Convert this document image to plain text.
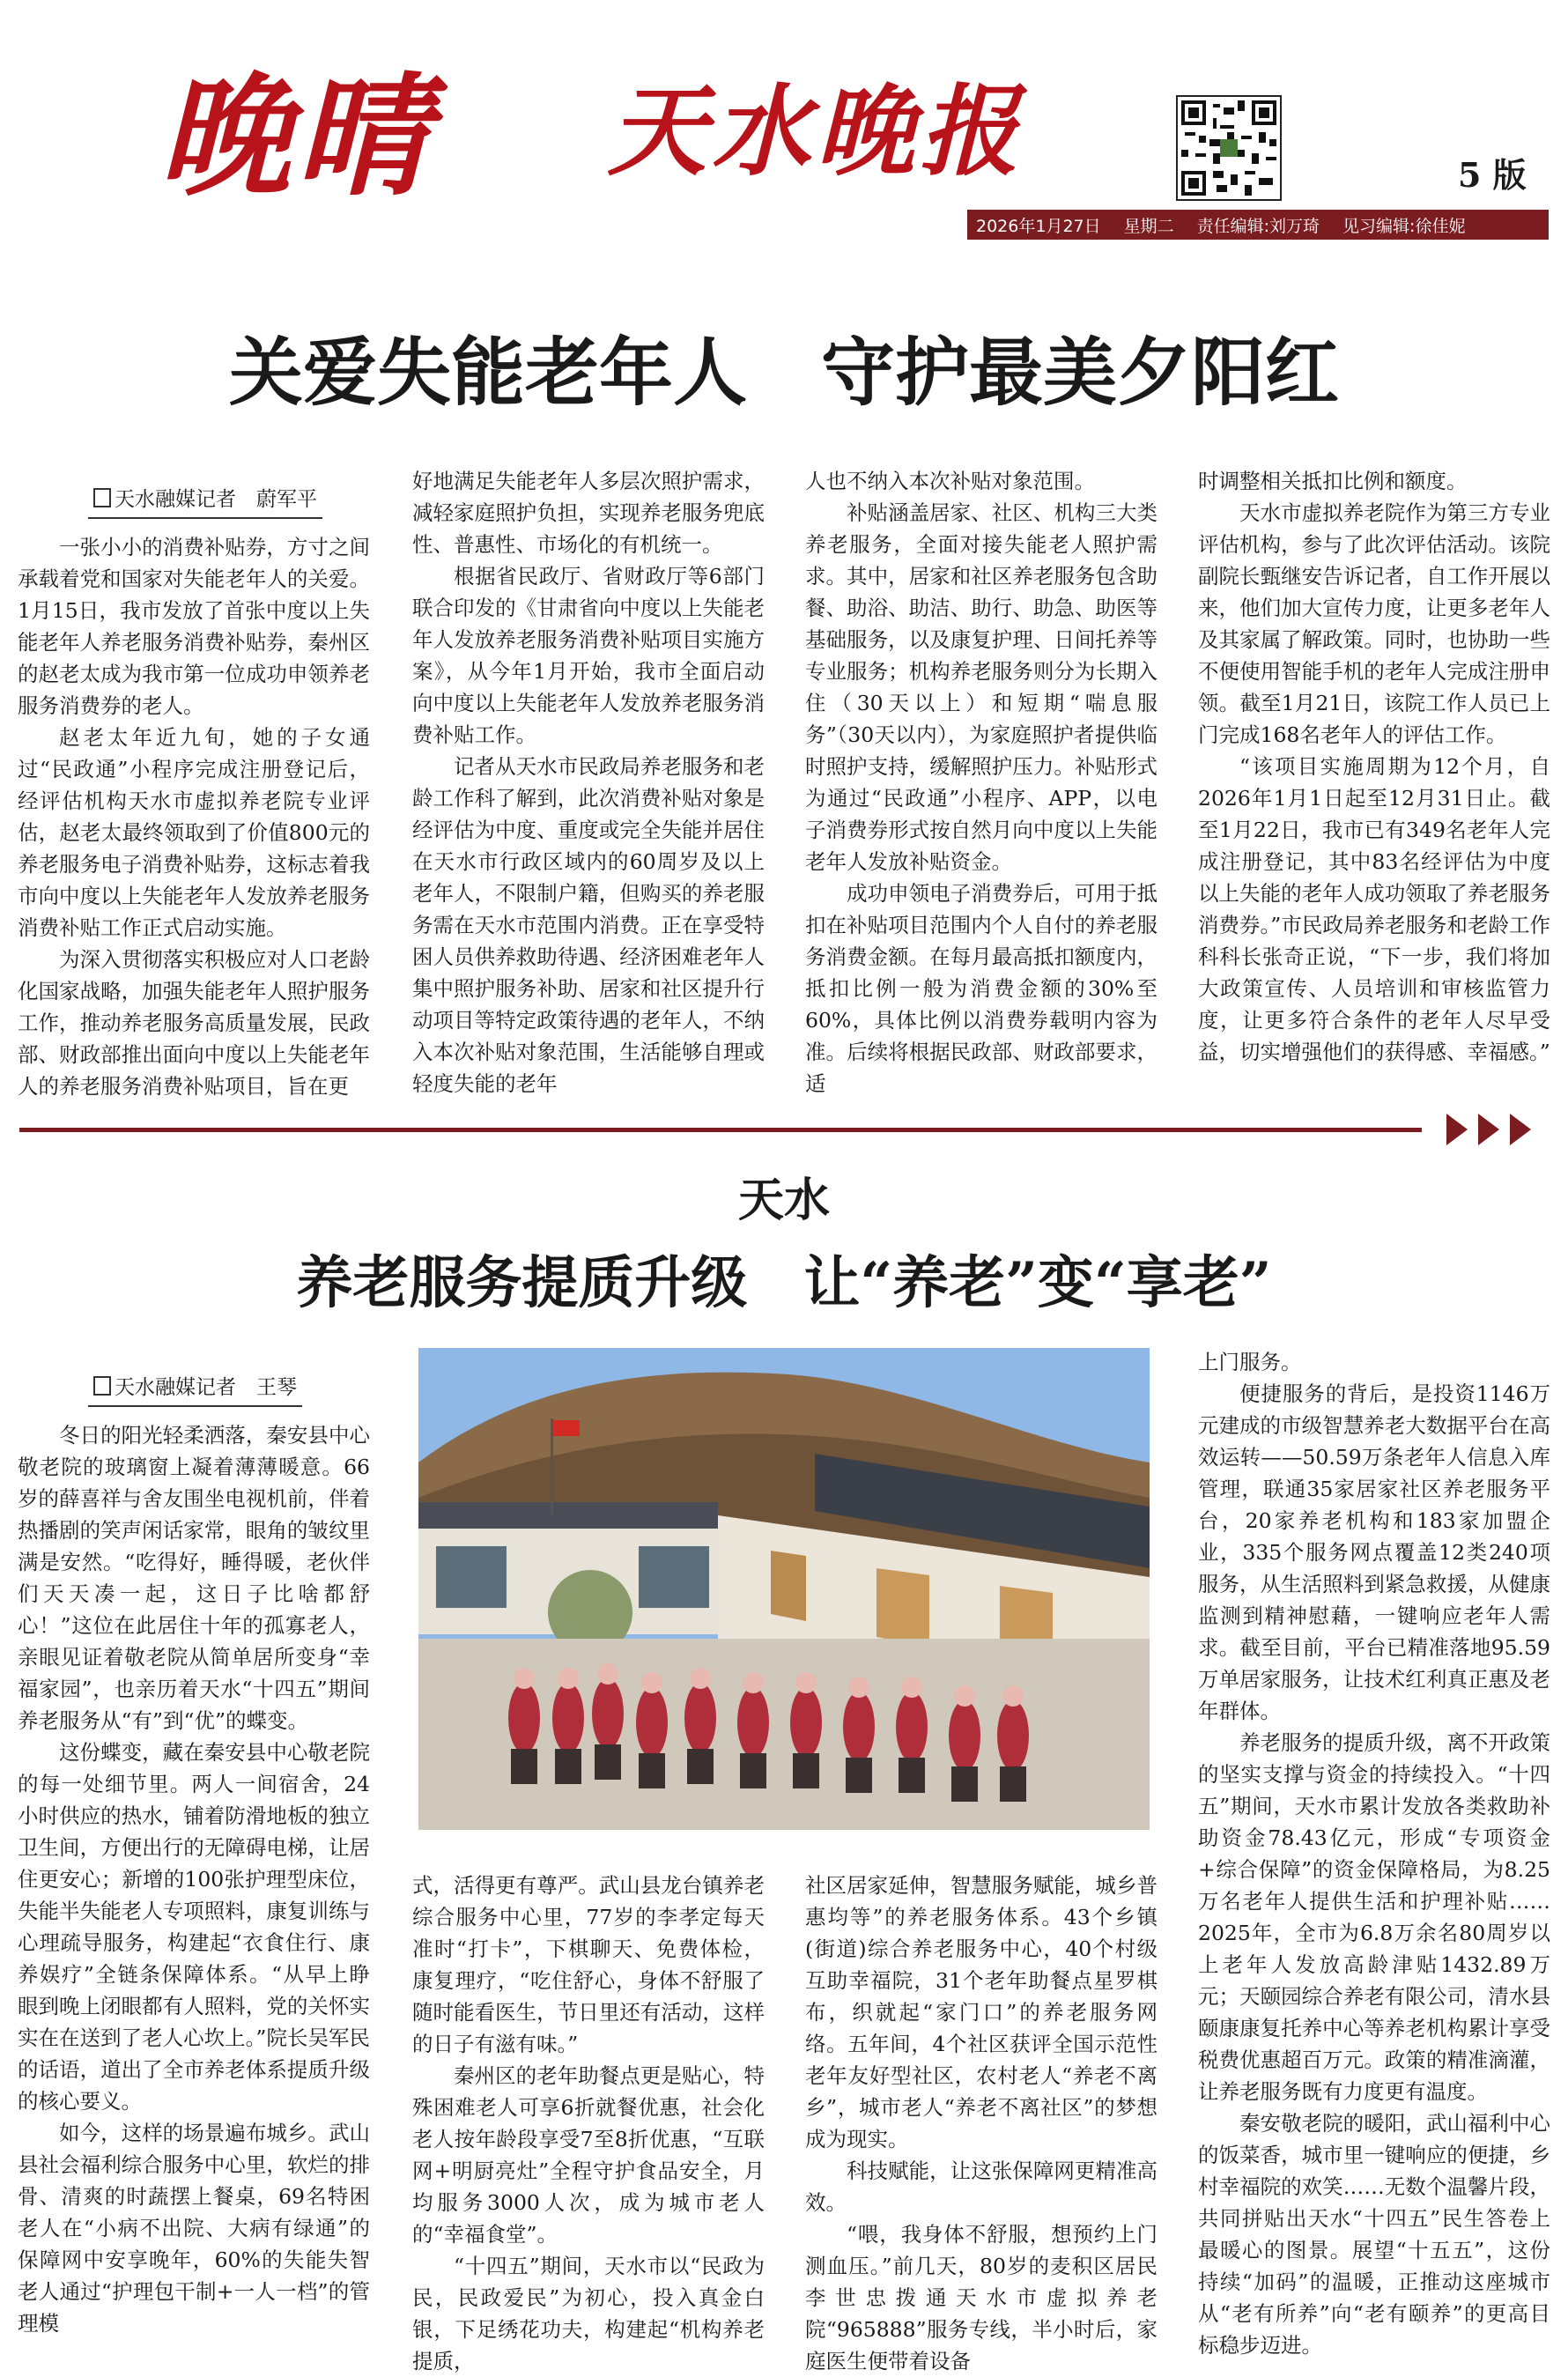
晚晴 天水晚报	5 版
2026年1月27日 星期二 责任编辑:刘万琦 见习编辑:徐佳妮
关爱失能老年人　守护最美夕阳红
天水融媒记者　蔚军平

一张小小的消费补贴券，方寸之间承载着党和国家对失能老年人的关爱。1月15日，我市发放了首张中度以上失能老年人养老服务消费补贴券，秦州区的赵老太成为我市第一位成功申领养老服务消费券的老人。

赵老太年近九旬，她的子女通过“民政通”小程序完成注册登记后，经评估机构天水市虚拟养老院专业评估，赵老太最终领取到了价值800元的养老服务电子消费补贴券，这标志着我市向中度以上失能老年人发放养老服务消费补贴工作正式启动实施。

为深入贯彻落实积极应对人口老龄化国家战略，加强失能老年人照护服务工作，推动养老服务高质量发展，民政部、财政部推出面向中度以上失能老年人的养老服务消费补贴项目，旨在更

好地满足失能老年人多层次照护需求，减轻家庭照护负担，实现养老服务兜底性、普惠性、市场化的有机统一。

根据省民政厅、省财政厅等6部门联合印发的《甘肃省向中度以上失能老年人发放养老服务消费补贴项目实施方案》，从今年1月开始，我市全面启动向中度以上失能老年人发放养老服务消费补贴工作。

记者从天水市民政局养老服务和老龄工作科了解到，此次消费补贴对象是经评估为中度、重度或完全失能并居住在天水市行政区域内的60周岁及以上老年人，不限制户籍，但购买的养老服务需在天水市范围内消费。正在享受特困人员供养救助待遇、经济困难老年人集中照护服务补助、居家和社区提升行动项目等特定政策待遇的老年人，不纳入本次补贴对象范围，生活能够自理或轻度失能的老年

人也不纳入本次补贴对象范围。

补贴涵盖居家、社区、机构三大类养老服务，全面对接失能老人照护需求。其中，居家和社区养老服务包含助餐、助浴、助洁、助行、助急、助医等基础服务，以及康复护理、日间托养等专业服务；机构养老服务则分为长期入住（30天以上）和短期“喘息服务”（30天以内），为家庭照护者提供临时照护支持，缓解照护压力。补贴形式为通过“民政通”小程序、APP，以电子消费券形式按自然月向中度以上失能老年人发放补贴资金。

成功申领电子消费券后，可用于抵扣在补贴项目范围内个人自付的养老服务消费金额。在每月最高抵扣额度内，抵扣比例一般为消费金额的30%至60%，具体比例以消费券载明内容为准。后续将根据民政部、财政部要求，适

时调整相关抵扣比例和额度。

天水市虚拟养老院作为第三方专业评估机构，参与了此次评估活动。该院副院长甄继安告诉记者，自工作开展以来，他们加大宣传力度，让更多老年人及其家属了解政策。同时，也协助一些不便使用智能手机的老年人完成注册申领。截至1月21日，该院工作人员已上门完成168名老年人的评估工作。

“该项目实施周期为12个月，自2026年1月1日起至12月31日止。截至1月22日，我市已有349名老年人完成注册登记，其中83名经评估为中度以上失能的老年人成功领取了养老服务消费券。”市民政局养老服务和老龄工作科科长张奇正说，“下一步，我们将加大政策宣传、人员培训和审核监管力度，让更多符合条件的老年人尽早受益，切实增强他们的获得感、幸福感。”

天水
养老服务提质升级　让“养老”变“享老”
天水融媒记者　王琴

冬日的阳光轻柔洒落，秦安县中心敬老院的玻璃窗上凝着薄薄暖意。66岁的薛喜祥与舍友围坐电视机前，伴着热播剧的笑声闲话家常，眼角的皱纹里满是安然。“吃得好，睡得暖，老伙伴们天天凑一起，这日子比啥都舒心！”这位在此居住十年的孤寡老人，亲眼见证着敬老院从简单居所变身“幸福家园”，也亲历着天水“十四五”期间养老服务从“有”到“优”的蝶变。

这份蝶变，藏在秦安县中心敬老院的每一处细节里。两人一间宿舍，24小时供应的热水，铺着防滑地板的独立卫生间，方便出行的无障碍电梯，让居住更安心；新增的100张护理型床位，失能半失能老人专项照料，康复训练与心理疏导服务，构建起“衣食住行、康养娱疗”全链条保障体系。“从早上睁眼到晚上闭眼都有人照料，党的关怀实实在在送到了老人心坎上。”院长吴军民的话语，道出了全市养老体系提质升级的核心要义。

如今，这样的场景遍布城乡。武山县社会福利综合服务中心里，软烂的排骨、清爽的时蔬摆上餐桌，69名特困老人在“小病不出院、大病有绿通”的保障网中安享晚年，60%的失能失智老人通过“护理包干制+一人一档”的管理模

式，活得更有尊严。武山县龙台镇养老综合服务中心里，77岁的李孝定每天准时“打卡”，下棋聊天、免费体检，康复理疗，“吃住舒心，身体不舒服了随时能看医生，节日里还有活动，这样的日子有滋有味。”

秦州区的老年助餐点更是贴心，特殊困难老人可享6折就餐优惠，社会化老人按年龄段享受7至8折优惠，“互联网+明厨亮灶”全程守护食品安全，月均服务3000人次，成为城市老人的“幸福食堂”。

“十四五”期间，天水市以“民政为民，民政爱民”为初心，投入真金白银，下足绣花功夫，构建起“机构养老提质，

社区居家延伸，智慧服务赋能，城乡普惠均等”的养老服务体系。43个乡镇(街道)综合养老服务中心，40个村级互助幸福院，31个老年助餐点星罗棋布，织就起“家门口”的养老服务网络。五年间，4个社区获评全国示范性老年友好型社区，农村老人“养老不离乡”，城市老人“养老不离社区”的梦想成为现实。

科技赋能，让这张保障网更精准高效。

“喂，我身体不舒服，想预约上门测血压。”前几天，80岁的麦积区居民李世忠拨通天水市虚拟养老院“965888”服务专线，半小时后，家庭医生便带着设备

上门服务。

便捷服务的背后，是投资1146万元建成的市级智慧养老大数据平台在高效运转——50.59万条老年人信息入库管理，联通35家居家社区养老服务平台，20家养老机构和183家加盟企业，335个服务网点覆盖12类240项服务，从生活照料到紧急救援，从健康监测到精神慰藉，一键响应老年人需求。截至目前，平台已精准落地95.59万单居家服务，让技术红利真正惠及老年群体。

养老服务的提质升级，离不开政策的坚实支撑与资金的持续投入。“十四五”期间，天水市累计发放各类救助补助资金78.43亿元，形成“专项资金+综合保障”的资金保障格局，为8.25万名老年人提供生活和护理补贴……2025年，全市为6.8万余名80周岁以上老年人发放高龄津贴1432.89万元；天颐园综合养老有限公司，清水县颐康康复托养中心等养老机构累计享受税费优惠超百万元。政策的精准滴灌，让养老服务既有力度更有温度。

秦安敬老院的暖阳，武山福利中心的饭菜香，城市里一键响应的便捷，乡村幸福院的欢笑……无数个温馨片段，共同拼贴出天水“十四五”民生答卷上最暖心的图景。展望“十五五”，这份持续“加码”的温暖，正推动这座城市从“老有所养”向“老有颐养”的更高目标稳步迈进。
